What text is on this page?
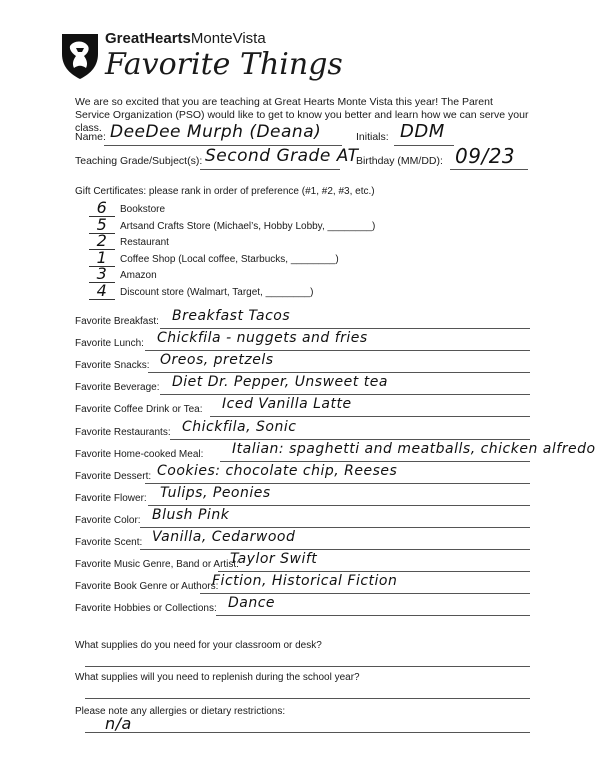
GreatHeartsMonteVista
Favorite Things
We are so excited that you are teaching at Great Hearts Monte Vista this year! The Parent Service Organization (PSO) would like to get to know you better and learn how we can serve your class.
Name: DeeDee Murph (Deana)	Initials: DDM
Teaching Grade/Subject(s): Second Grade AT
Birthday (MM/DD): 09/23
Gift Certificates: please rank in order of preference (#1, #2, #3, etc.)
6	Bookstore
5	Artsand Crafts Store (Michael’s, Hobby Lobby, ________)
2	Restaurant
1	Coffee Shop (Local coffee, Starbucks, ________)
3	Amazon
4	Discount store (Walmart, Target, ________)
Favorite Breakfast: Breakfast Tacos
Favorite Lunch: Chickfila - nuggets and fries
Favorite Snacks: Oreos, pretzels
Favorite Beverage: Diet Dr. Pepper, Unsweet tea
Favorite Coffee Drink or Tea: Iced Vanilla Latte
Favorite Restaurants: Chickfila, Sonic
Favorite Home-cooked Meal: Italian: spaghetti and meatballs, chicken alfredo
Favorite Dessert: Cookies: chocolate chip, Reeses
Favorite Flower: Tulips, Peonies
Favorite Color: Blush Pink
Favorite Scent: Vanilla, Cedarwood
Favorite Music Genre, Band or Artist:
Taylor Swift
Favorite Book Genre or Authors:
Fiction, Historical Fiction
Favorite Hobbies or Collections: Dance
What supplies do you need for your classroom or desk?
What supplies will you need to replenish during the school year?
Please note any allergies or dietary restrictions:
n/a
